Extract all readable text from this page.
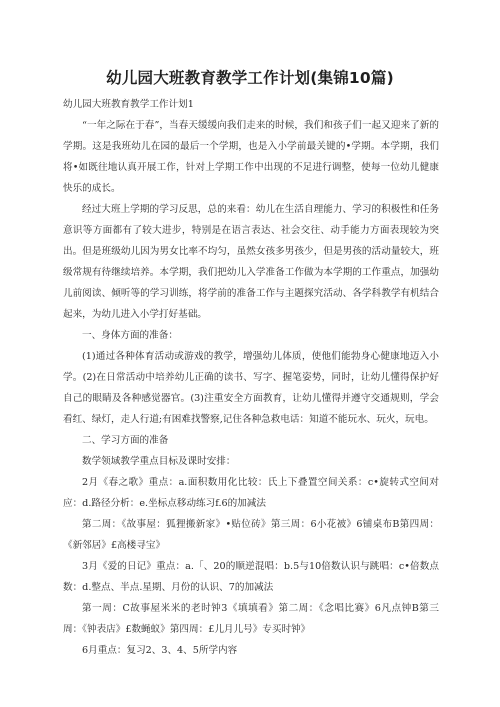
幼儿园大班教育教学工作计划(集锦10篇)

幼儿园大班教育教学工作计划1

“一年之际在于春”，当春天缓缓向我们走来的时候，我们和孩子们一起又迎来了新的学期。这是我班幼儿在园的最后一个学期，也是入小学前最关键的•学期。本学期，我们将•如既往地认真开展工作，针对上学期工作中出现的不足进行调整，使每一位幼儿健康快乐的成长。

经过大班上学期的学习反思，总的来看：幼儿在生活自理能力、学习的积极性和任务意识等方面都有了较大进步，特别是在语言表达、社会交往、动手能力方面表现较为突出。但是班级幼儿因为男女比率不均匀，虽然女孩多男孩少，但是男孩的活动量较大，班级常规有待继续培养。本学期，我们把幼儿入学准备工作做为本学期的工作重点，加强幼儿前阅读、倾听等的学习训练，将学前的准备工作与主题探究活动、各学科教学有机结合起来，为幼儿进入小学打好基础。

一、身体方面的准备：

(1)通过各种体育活动或游戏的教学，增强幼儿体质，使他们能勃身心健康地迈入小学。(2)在日常活动中培养幼儿正确的读书、写字、握笔姿势，同时，让幼儿懂得保护好自己的眼睛及各种感觉器官。(3)注重安全方面教育，让幼儿懂得并遵守交通规则，学会看红、绿灯，走人行道;有困难找警察,记住各种急救电话：知道不能玩水、玩火，玩电。

二、学习方面的准备

数学领域教学重点目标及课时安排：

2月《春之歌》重点：a.面积数用化比较：氏上下叠置空间关系：c•旋转式空间对应：d.路径分析：e.坐标点移动练习f.6的加减法

第二周：《故事屋：狐狸搬新家》•贴位砖》第三周：6小花被》6铺桌布B第四周：《新邻居》£高楼寻宝》

3月《爱的日记》重点：a.「、20的顺逆混唱：b.5与10倍数认识与跳唱：c•倍数点数：d.整点、半点.星期、月份的认识、7的加减法

第一周：C故事屋米米的老时钟3《填填看》第二周：《念唱比赛》6凡点钟B第三周：《钟表店》£数蝇蚁》第四周：£儿月儿号》专买时钟》

6月重点：复习2、3、4、5所学内容
